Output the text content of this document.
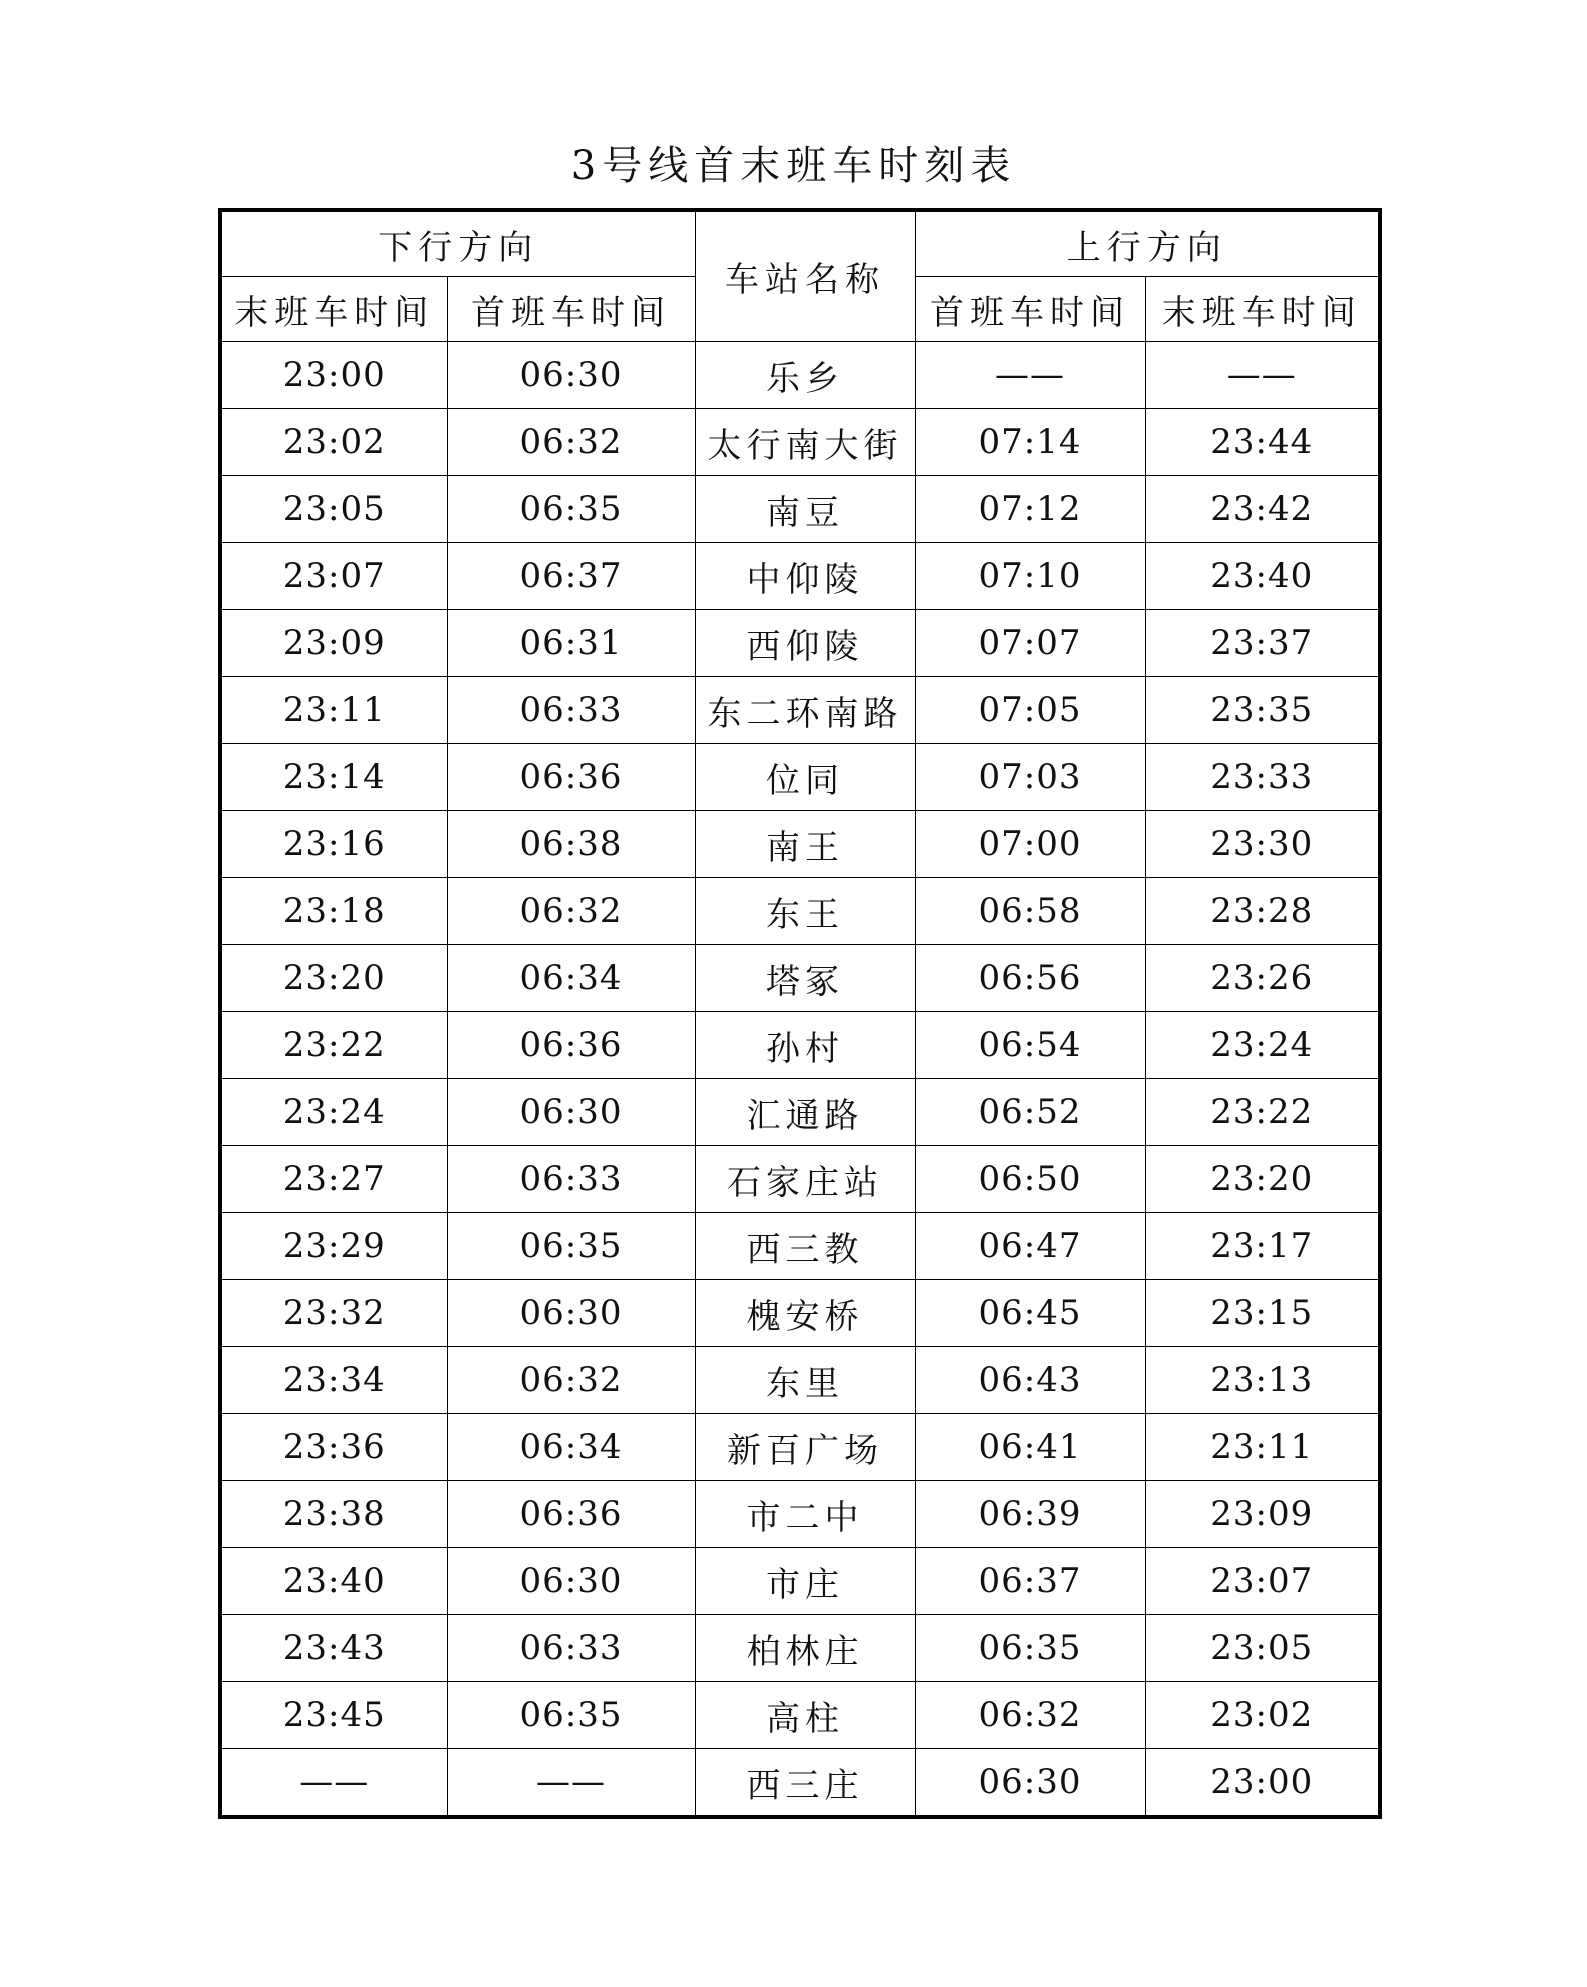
3号线首末班车时刻表
下行方向		车站名称	上行方向	
末班车时间	首班车时间		首班车时间	末班车时间
23:00	06:30	乐乡	——	——
23:02	06:32	太行南大街	07:14	23:44
23:05	06:35	南豆	07:12	23:42
23:07	06:37	中仰陵	07:10	23:40
23:09	06:31	西仰陵	07:07	23:37
23:11	06:33	东二环南路	07:05	23:35
23:14	06:36	位同	07:03	23:33
23:16	06:38	南王	07:00	23:30
23:18	06:32	东王	06:58	23:28
23:20	06:34	塔冢	06:56	23:26
23:22	06:36	孙村	06:54	23:24
23:24	06:30	汇通路	06:52	23:22
23:27	06:33	石家庄站	06:50	23:20
23:29	06:35	西三教	06:47	23:17
23:32	06:30	槐安桥	06:45	23:15
23:34	06:32	东里	06:43	23:13
23:36	06:34	新百广场	06:41	23:11
23:38	06:36	市二中	06:39	23:09
23:40	06:30	市庄	06:37	23:07
23:43	06:33	柏林庄	06:35	23:05
23:45	06:35	高柱	06:32	23:02
——	——	西三庄	06:30	23:00
